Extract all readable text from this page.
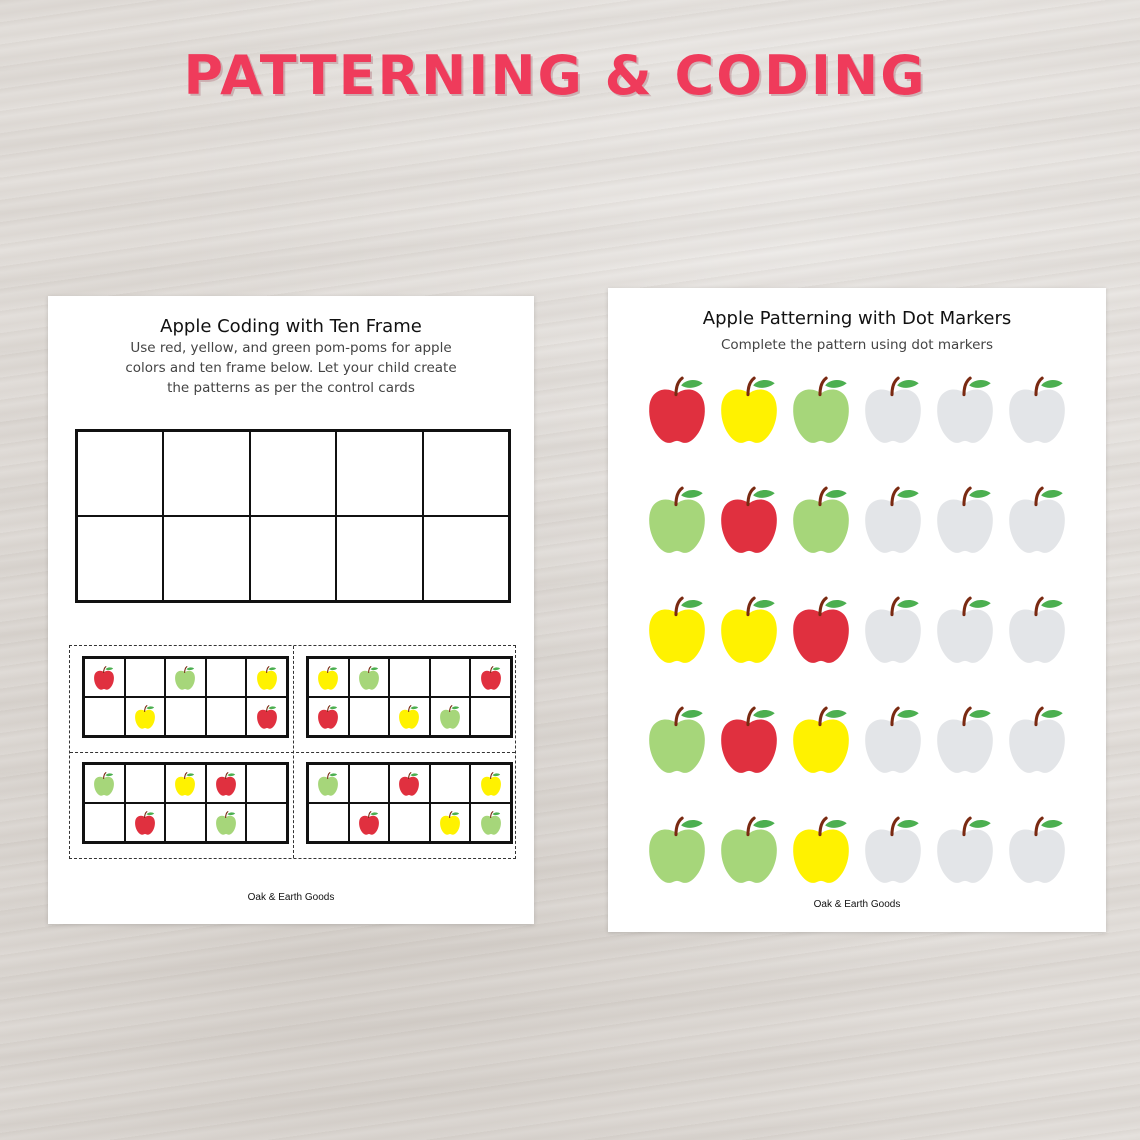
PATTERNING & CODING
Apple Coding with Ten Frame
Use red, yellow, and green pom-poms for apple
colors and ten frame below. Let your child create
the patterns as per the control cards
Oak & Earth Goods
Apple Patterning with Dot Markers
Complete the pattern using dot markers
Oak & Earth Goods
